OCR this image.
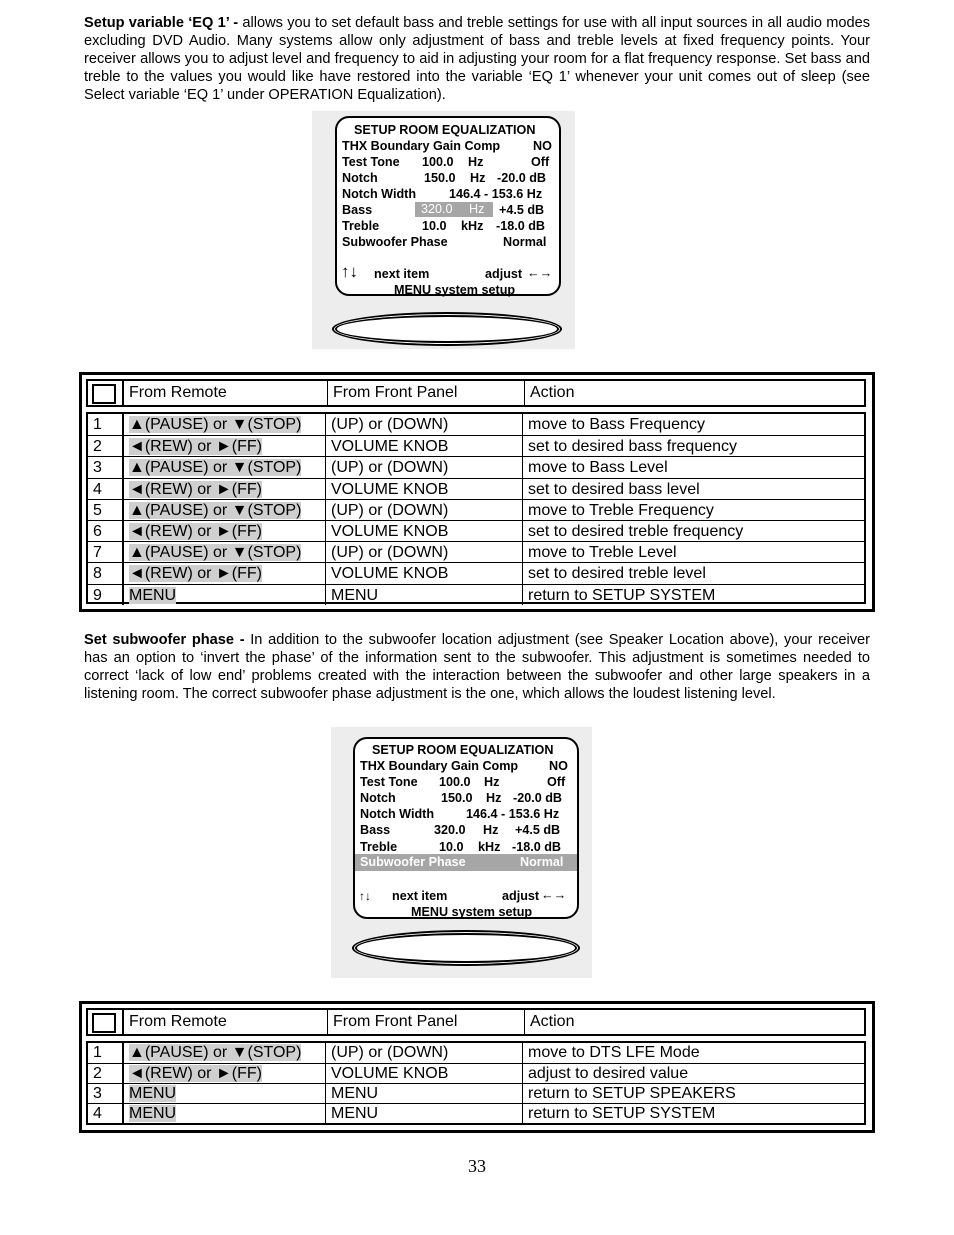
Setup variable ‘EQ 1’ - allows you to set default bass and treble settings for use with all input sources in all audio modes excluding DVD Audio. Many systems allow only adjustment of bass and treble levels at fixed frequency points. Your receiver allows you to adjust level and frequency to aid in adjusting your room for a flat frequency response. Set bass and treble to the values you would like have restored into the variable ‘EQ 1’ whenever your unit comes out of sleep (see Select variable ‘EQ 1’ under OPERATION Equalization).

SETUP ROOM EQUALIZATION
THX Boundary Gain Comp	NO
Test Tone 100.0 Hz	Off
Notch	150.0 Hz -20.0 dB
Notch Width	146.4 - 153.6 Hz
Bass	320.0 Hz +4.5 dB
Treble	10.0 kHz -18.0 dB
Subwoofer Phase	Normal
↑↓ next item	adjust ←→
MENU system setup
From Remote	From Front Panel	Action
1	▲(PAUSE) or ▼(STOP)	(UP) or (DOWN)	move to Bass Frequency
2	◄(REW) or ►(FF)	VOLUME KNOB	set to desired bass frequency
3	▲(PAUSE) or ▼(STOP)	(UP) or (DOWN)	move to Bass Level
4	◄(REW) or ►(FF)	VOLUME KNOB	set to desired bass level
5	▲(PAUSE) or ▼(STOP)	(UP) or (DOWN)	move to Treble Frequency
6	◄(REW) or ►(FF)	VOLUME KNOB	set to desired treble frequency
7	▲(PAUSE) or ▼(STOP)	(UP) or (DOWN)	move to Treble Level
8	◄(REW) or ►(FF)	VOLUME KNOB	set to desired treble level
9	MENU	MENU	return to SETUP SYSTEM

Set subwoofer phase - In addition to the subwoofer location adjustment (see Speaker Location above), your receiver has an option to ‘invert the phase’ of the information sent to the subwoofer. This adjustment is sometimes needed to correct ‘lack of low end’ problems created with the interaction between the subwoofer and other large speakers in a listening room. The correct subwoofer phase adjustment is the one, which allows the loudest listening level.

SETUP ROOM EQUALIZATION
THX Boundary Gain Comp NO
Test Tone 100.0 Hz	Off
Notch	150.0 Hz -20.0 dB
Notch Width	146.4 - 153.6 Hz
Bass	320.0 Hz +4.5 dB
Treble	10.0 kHz -18.0 dB
Subwoofer Phase	Normal
↑↓ next item	adjust ←→
MENU system setup
From Remote	From Front Panel	Action
1	▲(PAUSE) or ▼(STOP)	(UP) or (DOWN)	move to DTS LFE Mode
2	◄(REW) or ►(FF)	VOLUME KNOB	adjust to desired value
3	MENU	MENU	return to SETUP SPEAKERS
4	MENU	MENU	return to SETUP SYSTEM
33
